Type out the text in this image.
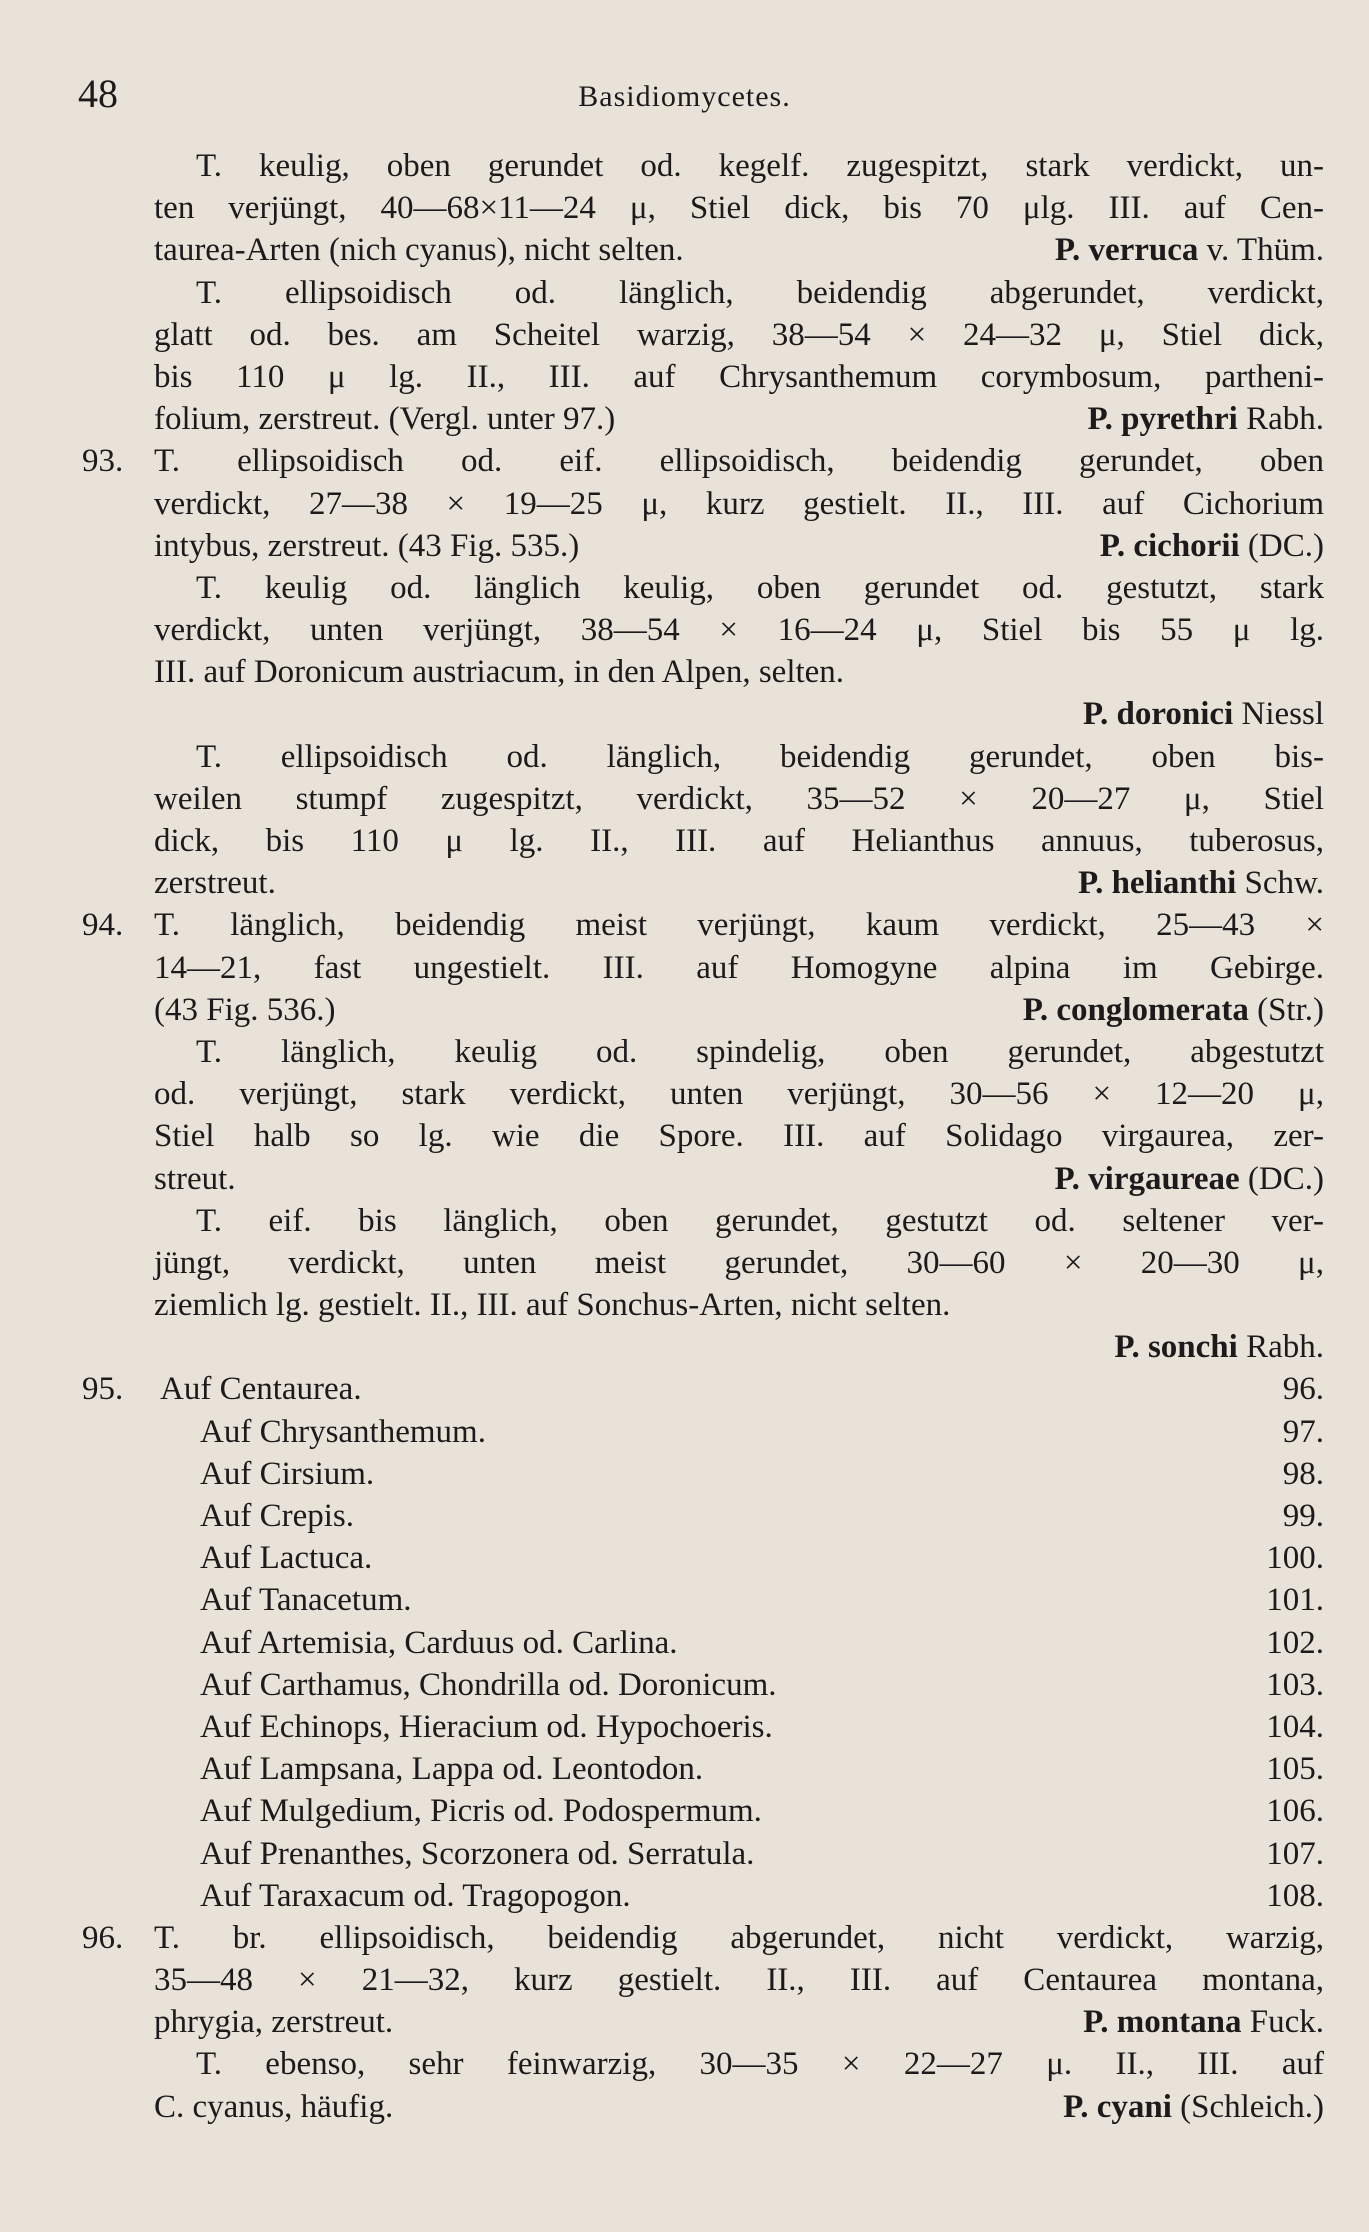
48	Basidiomycetes.
T. keulig, oben gerundet od. kegelf. zugespitzt, stark verdickt, un-
ten verjüngt, 40—68×11—24 μ, Stiel dick, bis 70 μlg. III. auf Cen-
taurea-Arten (nich cyanus), nicht selten.	P. verruca v. Thüm.
T. ellipsoidisch od. länglich, beidendig abgerundet, verdickt,
glatt od. bes. am Scheitel warzig, 38—54 × 24—32 μ, Stiel dick,
bis 110 μ lg. II., III. auf Chrysanthemum corymbosum, partheni-
folium, zerstreut. (Vergl. unter 97.)	P. pyrethri Rabh.
93. T. ellipsoidisch od. eif. ellipsoidisch, beidendig gerundet, oben
verdickt, 27—38 × 19—25 μ, kurz gestielt. II., III. auf Cichorium
intybus, zerstreut. (43 Fig. 535.)	P. cichorii (DC.)
T. keulig od. länglich keulig, oben gerundet od. gestutzt, stark
verdickt, unten verjüngt, 38—54 × 16—24 μ, Stiel bis 55 μ lg.
III. auf Doronicum austriacum, in den Alpen, selten.
P. doronici Niessl
T. ellipsoidisch od. länglich, beidendig gerundet, oben bis-
weilen stumpf zugespitzt, verdickt, 35—52 × 20—27 μ, Stiel
dick, bis 110 μ lg. II., III. auf Helianthus annuus, tuberosus,
zerstreut.	P. helianthi Schw.
94. T. länglich, beidendig meist verjüngt, kaum verdickt, 25—43 ×
14—21, fast ungestielt. III. auf Homogyne alpina im Gebirge.
(43 Fig. 536.)	P. conglomerata (Str.)
T. länglich, keulig od. spindelig, oben gerundet, abgestutzt
od. verjüngt, stark verdickt, unten verjüngt, 30—56 × 12—20 μ,
Stiel halb so lg. wie die Spore. III. auf Solidago virgaurea, zer-
streut.	P. virgaureae (DC.)
T. eif. bis länglich, oben gerundet, gestutzt od. seltener ver-
jüngt, verdickt, unten meist gerundet, 30—60 × 20—30 μ,
ziemlich lg. gestielt. II., III. auf Sonchus-Arten, nicht selten.
P. sonchi Rabh.
95. Auf Centaurea.	96.
Auf Chrysanthemum.	97.
Auf Cirsium.	98.
Auf Crepis.	99.
Auf Lactuca.	100.
Auf Tanacetum.	101.
Auf Artemisia, Carduus od. Carlina.	102.
Auf Carthamus, Chondrilla od. Doronicum.	103.
Auf Echinops, Hieracium od. Hypochoeris.	104.
Auf Lampsana, Lappa od. Leontodon.	105.
Auf Mulgedium, Picris od. Podospermum.	106.
Auf Prenanthes, Scorzonera od. Serratula.	107.
Auf Taraxacum od. Tragopogon.	108.
96. T. br. ellipsoidisch, beidendig abgerundet, nicht verdickt, warzig,
35—48 × 21—32, kurz gestielt. II., III. auf Centaurea montana,
phrygia, zerstreut.	P. montana Fuck.
T. ebenso, sehr feinwarzig, 30—35 × 22—27 μ. II., III. auf
C. cyanus, häufig.	P. cyani (Schleich.)
